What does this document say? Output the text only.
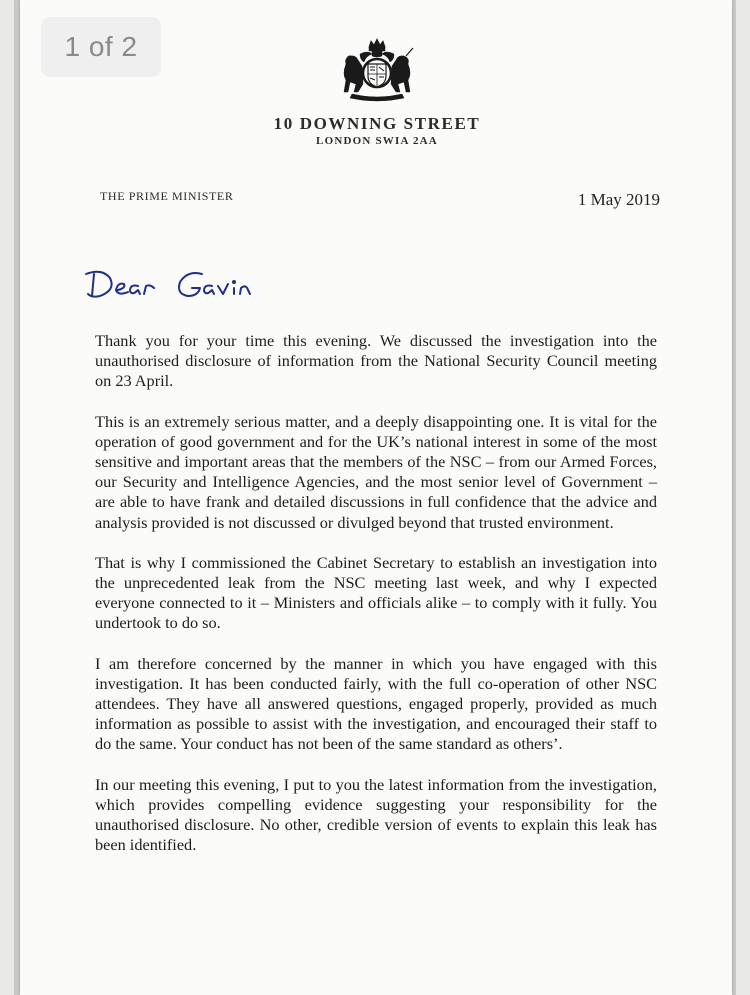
1 of 2
10 DOWNING STREET
LONDON SWIA 2AA
THE PRIME MINISTER	1 May 2019

Thank you for your time this evening. We discussed the investigation into the unauthorised disclosure of information from the National Security Council meeting on 23 April.

This is an extremely serious matter, and a deeply disappointing one. It is vital for the operation of good government and for the UK’s national interest in some of the most sensitive and important areas that the members of the NSC – from our Armed Forces, our Security and Intelligence Agencies, and the most senior level of Government – are able to have frank and detailed discussions in full confidence that the advice and analysis provided is not discussed or divulged beyond that trusted environment.

That is why I commissioned the Cabinet Secretary to establish an investigation into the unprecedented leak from the NSC meeting last week, and why I expected everyone connected to it – Ministers and officials alike – to comply with it fully. You undertook to do so.

I am therefore concerned by the manner in which you have engaged with this investigation. It has been conducted fairly, with the full co-operation of other NSC attendees. They have all answered questions, engaged properly, provided as much information as possible to assist with the investigation, and encouraged their staff to do the same. Your conduct has not been of the same standard as others’.

In our meeting this evening, I put to you the latest information from the investigation, which provides compelling evidence suggesting your responsibility for the unauthorised disclosure. No other, credible version of events to explain this leak has been identified.
